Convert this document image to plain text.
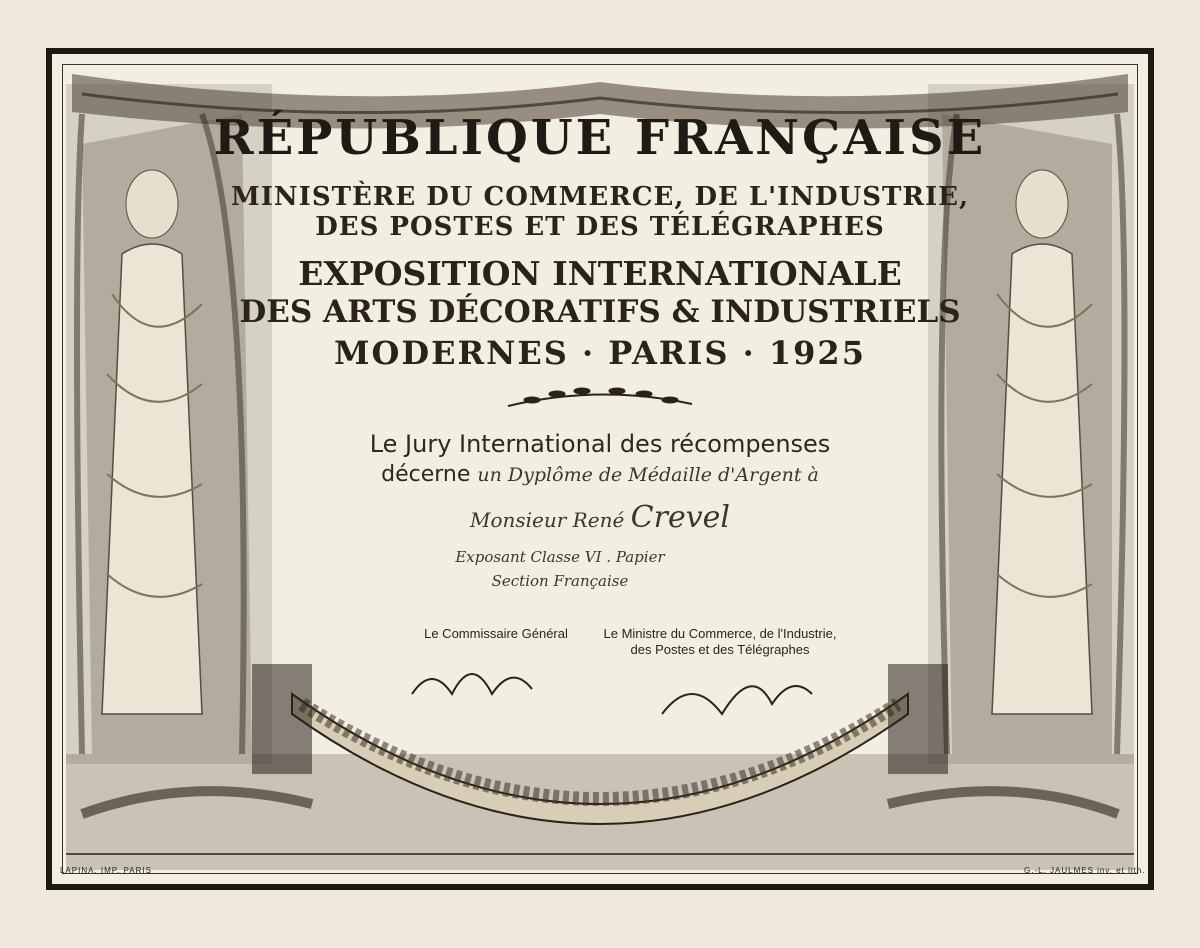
RÉPUBLIQUE FRANÇAISE
MINISTÈRE DU COMMERCE, DE L'INDUSTRIE,
DES POSTES ET DES TÉLÉGRAPHES
EXPOSITION INTERNATIONALE
DES ARTS DÉCORATIFS & INDUSTRIELS
MODERNES · PARIS · 1925
Le Jury International des récompenses
décerne un Dyplôme de Médaille d'Argent à
Monsieur René Crevel
Exposant Classe VI . Papier
Section Française
Le Commissaire Général	Le Ministre du Commerce, de l'Industrie,
des Postes et des Télégraphes
LAPINA, IMP. PARIS	G.-L. JAULMES inv. et lith.
